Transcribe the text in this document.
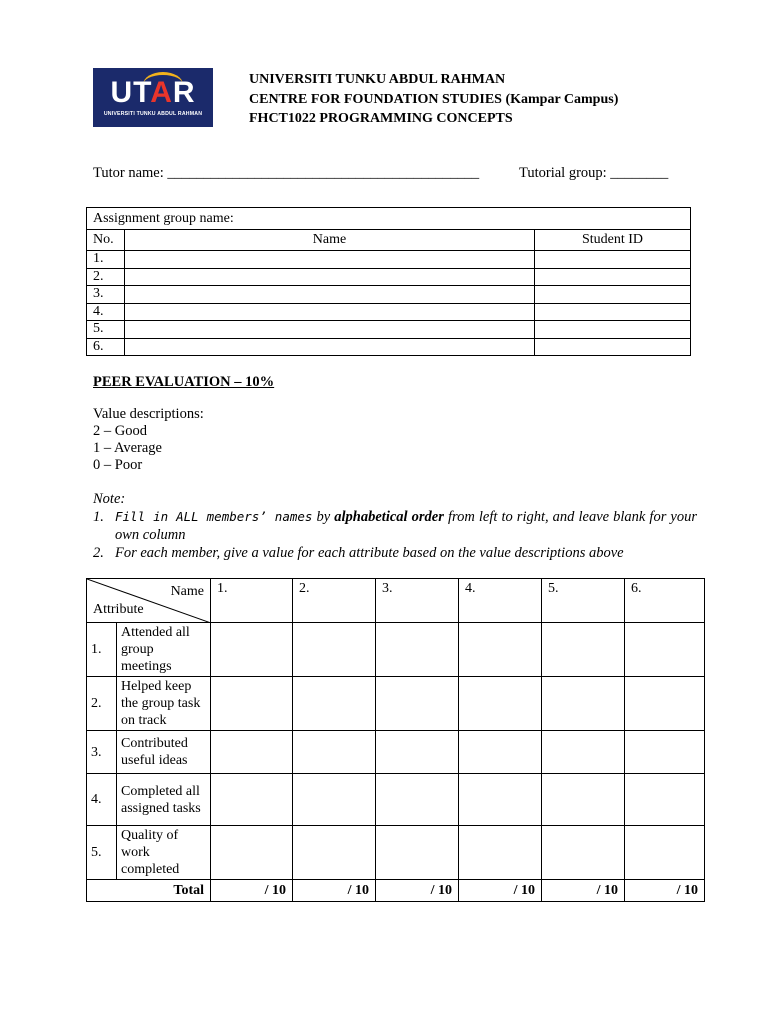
UTAR
UNIVERSITI TUNKU ABDUL RAHMAN
UNIVERSITI TUNKU ABDUL RAHMAN
CENTRE FOR FOUNDATION STUDIES (Kampar Campus)
FHCT1022 PROGRAMMING CONCEPTS
Tutor name: ___________________________________________	Tutorial group: ________
Assignment group name:		
No.	Name	Student ID
1.		
2.		
3.		
4.		
5.		
6.		
PEER EVALUATION – 10%
Value descriptions:
2 – Good
1 – Average
0 – Poor
Note:
1. Fill in ALL members’ names by alphabetical order from left to right, and leave blank for your own column
2. For each member, give a value for each attribute based on the value descriptions above
Name
Attribute		1.	2.	3.	4.	5.	6.
1.	Attended all group meetings						
2.	Helped keep the group task on track						
3.	Contributed useful ideas						
4.	Completed all assigned tasks						
5.	Quality of work completed						
Total		/ 10	/ 10	/ 10	/ 10	/ 10	/ 10
